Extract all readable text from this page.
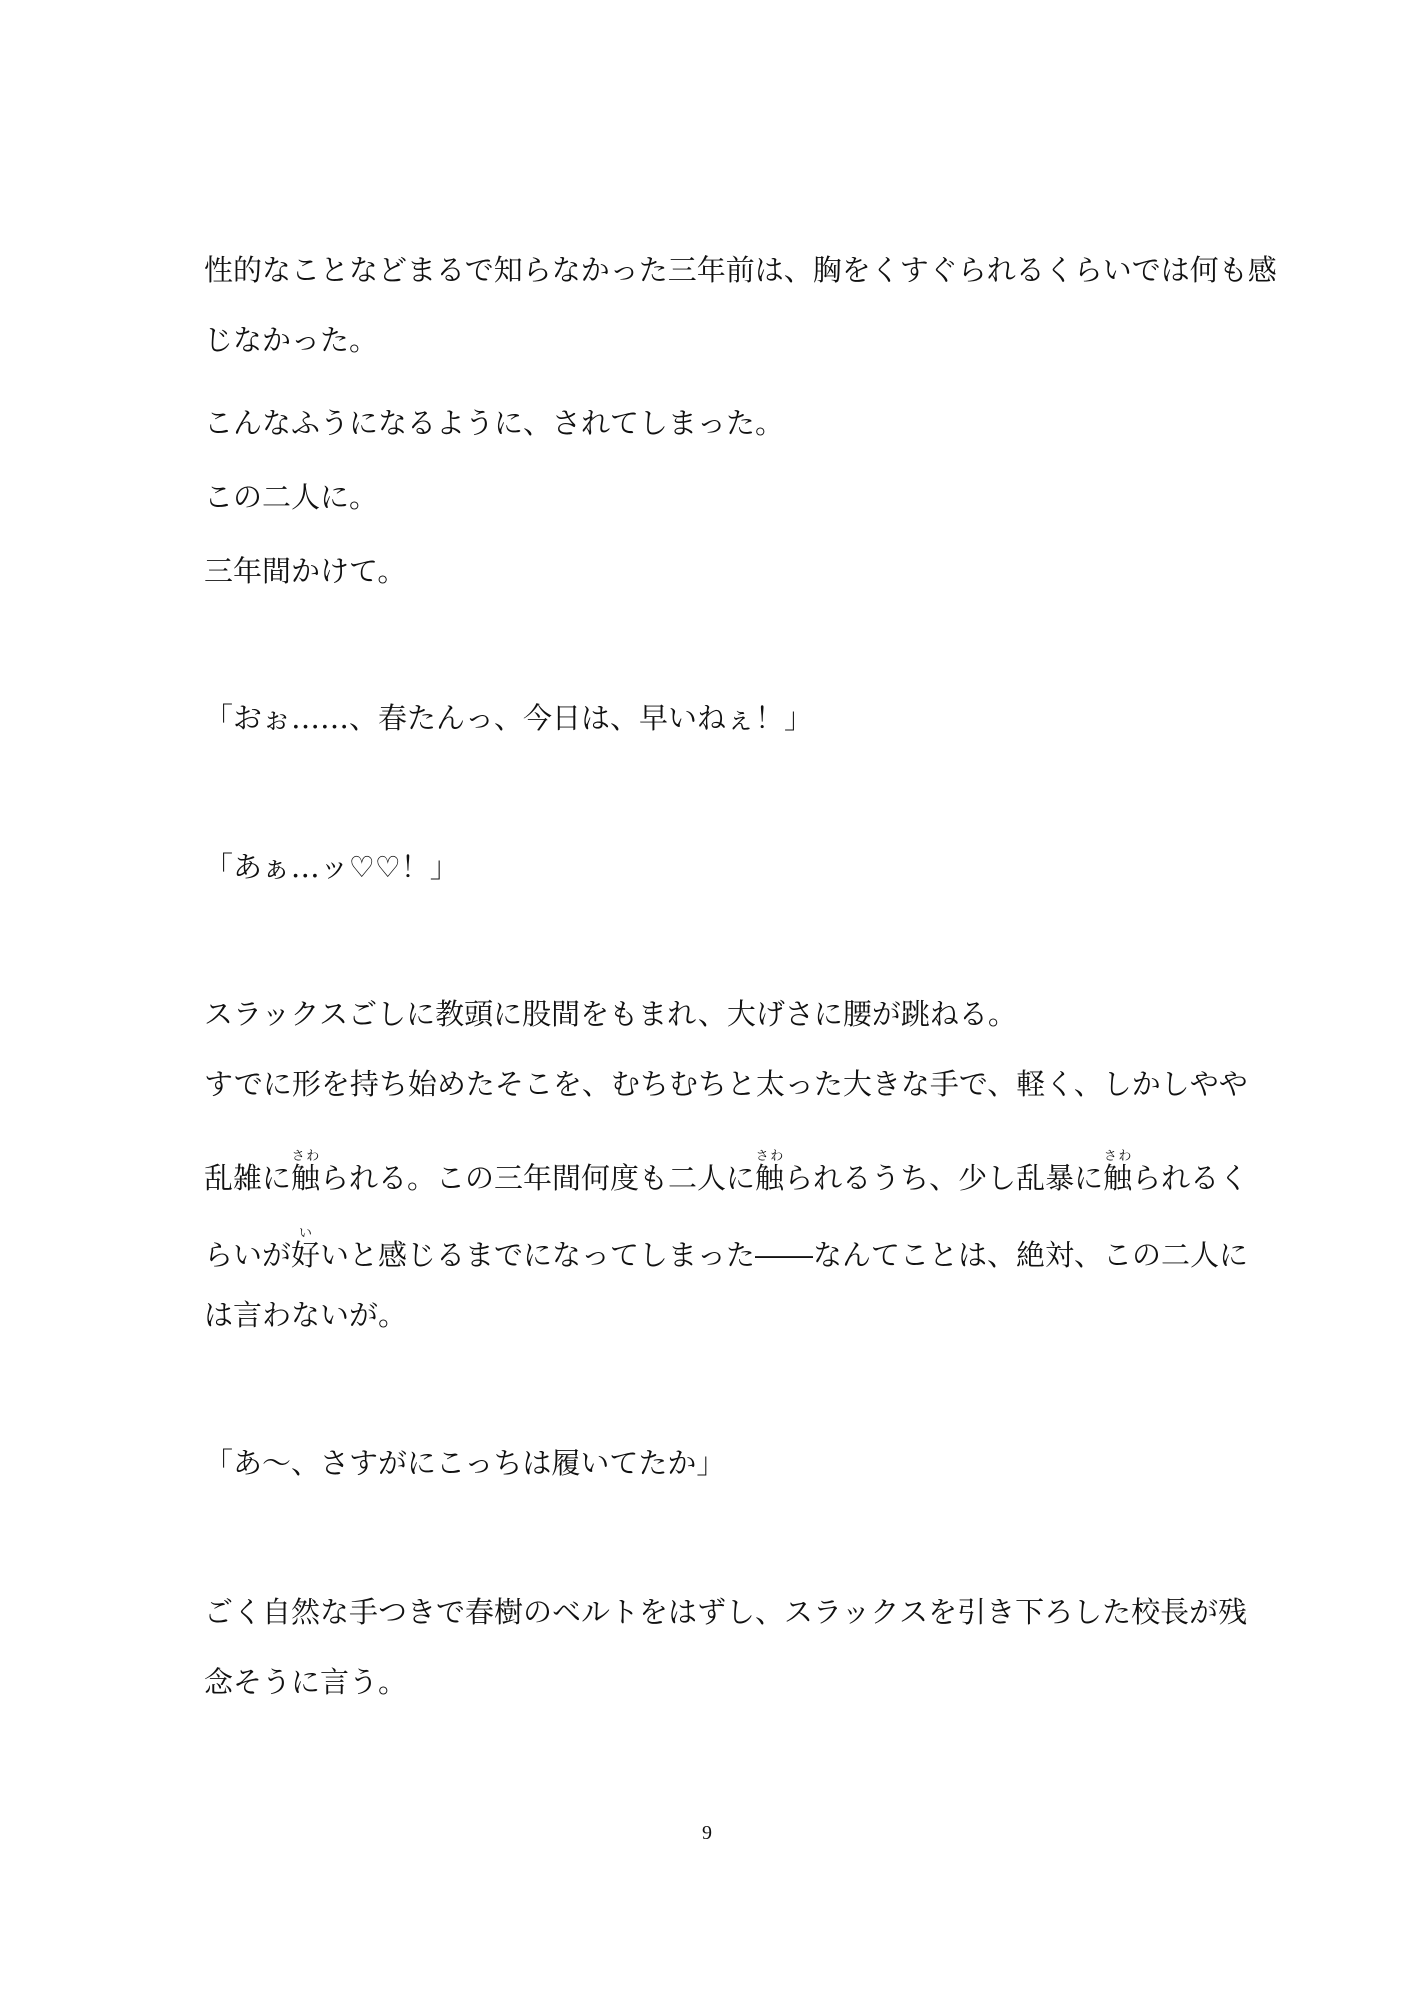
性的なことなどまるで知らなかった三年前は、胸をくすぐられるくらいでは何も感
じなかった。
こんなふうになるように、されてしまった。
この二人に。
三年間かけて。
「おぉ……、春たんっ、今日は、早いねぇ！」
「あぁ…ッ♡♡！」
スラックスごしに教頭に股間をもまれ、大げさに腰が跳ねる。
すでに形を持ち始めたそこを、むちむちと太った大きな手で、軽く、しかしやや
乱雑に触さわられる。この三年間何度も二人に触さわられるうち、少し乱暴に触さわられるく
らいが好いいと感じるまでになってしまった――なんてことは、絶対、この二人に
は言わないが。
「あ～、さすがにこっちは履いてたか」
ごく自然な手つきで春樹のベルトをはずし、スラックスを引き下ろした校長が残
念そうに言う。
9
